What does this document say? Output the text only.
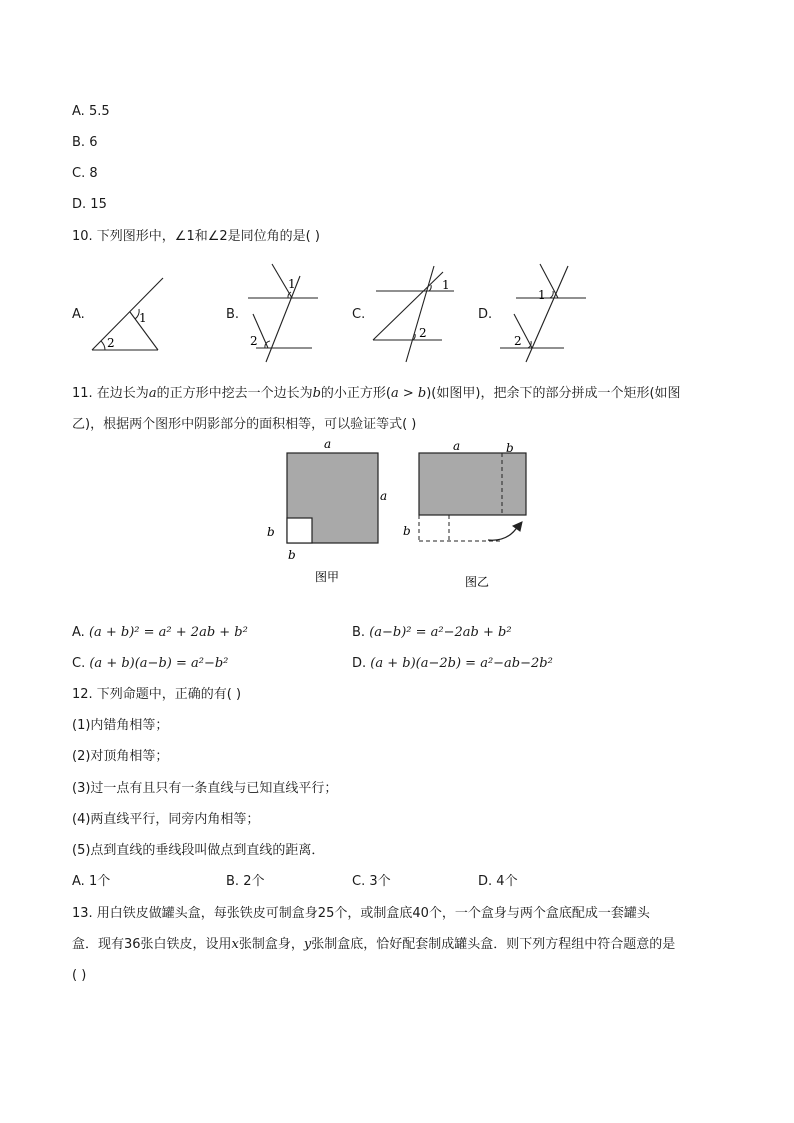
A. 5.5
B. 6
C. 8
D. 15
10. 下列图形中，∠1和∠2是同位角的是( )
A.	1
2
B.
1
2
C.
1
2
D.
1
2
11. 在边长为a的正方形中挖去一个边长为b的小正方形(a > b)(如图甲)，把余下的部分拼成一个矩形(如图
乙)，根据两个图形中阴影部分的面积相等，可以验证等式( )
a
a
b
b
图甲
a	b
b
图乙
A. (a + b)² = a² + 2ab + b²	B. (a−b)² = a²−2ab + b²
C. (a + b)(a−b) = a²−b²	D. (a + b)(a−2b) = a²−ab−2b²
12. 下列命题中，正确的有( )
(1)内错角相等；
(2)对顶角相等；
(3)过一点有且只有一条直线与已知直线平行；
(4)两直线平行，同旁内角相等；
(5)点到直线的垂线段叫做点到直线的距离．
A. 1个	B. 2个	C. 3个	D. 4个
13. 用白铁皮做罐头盒，每张铁皮可制盒身25个，或制盒底40个，一个盒身与两个盒底配成一套罐头
盒．现有36张白铁皮，设用x张制盒身，y张制盒底，恰好配套制成罐头盒．则下列方程组中符合题意的是
( )
